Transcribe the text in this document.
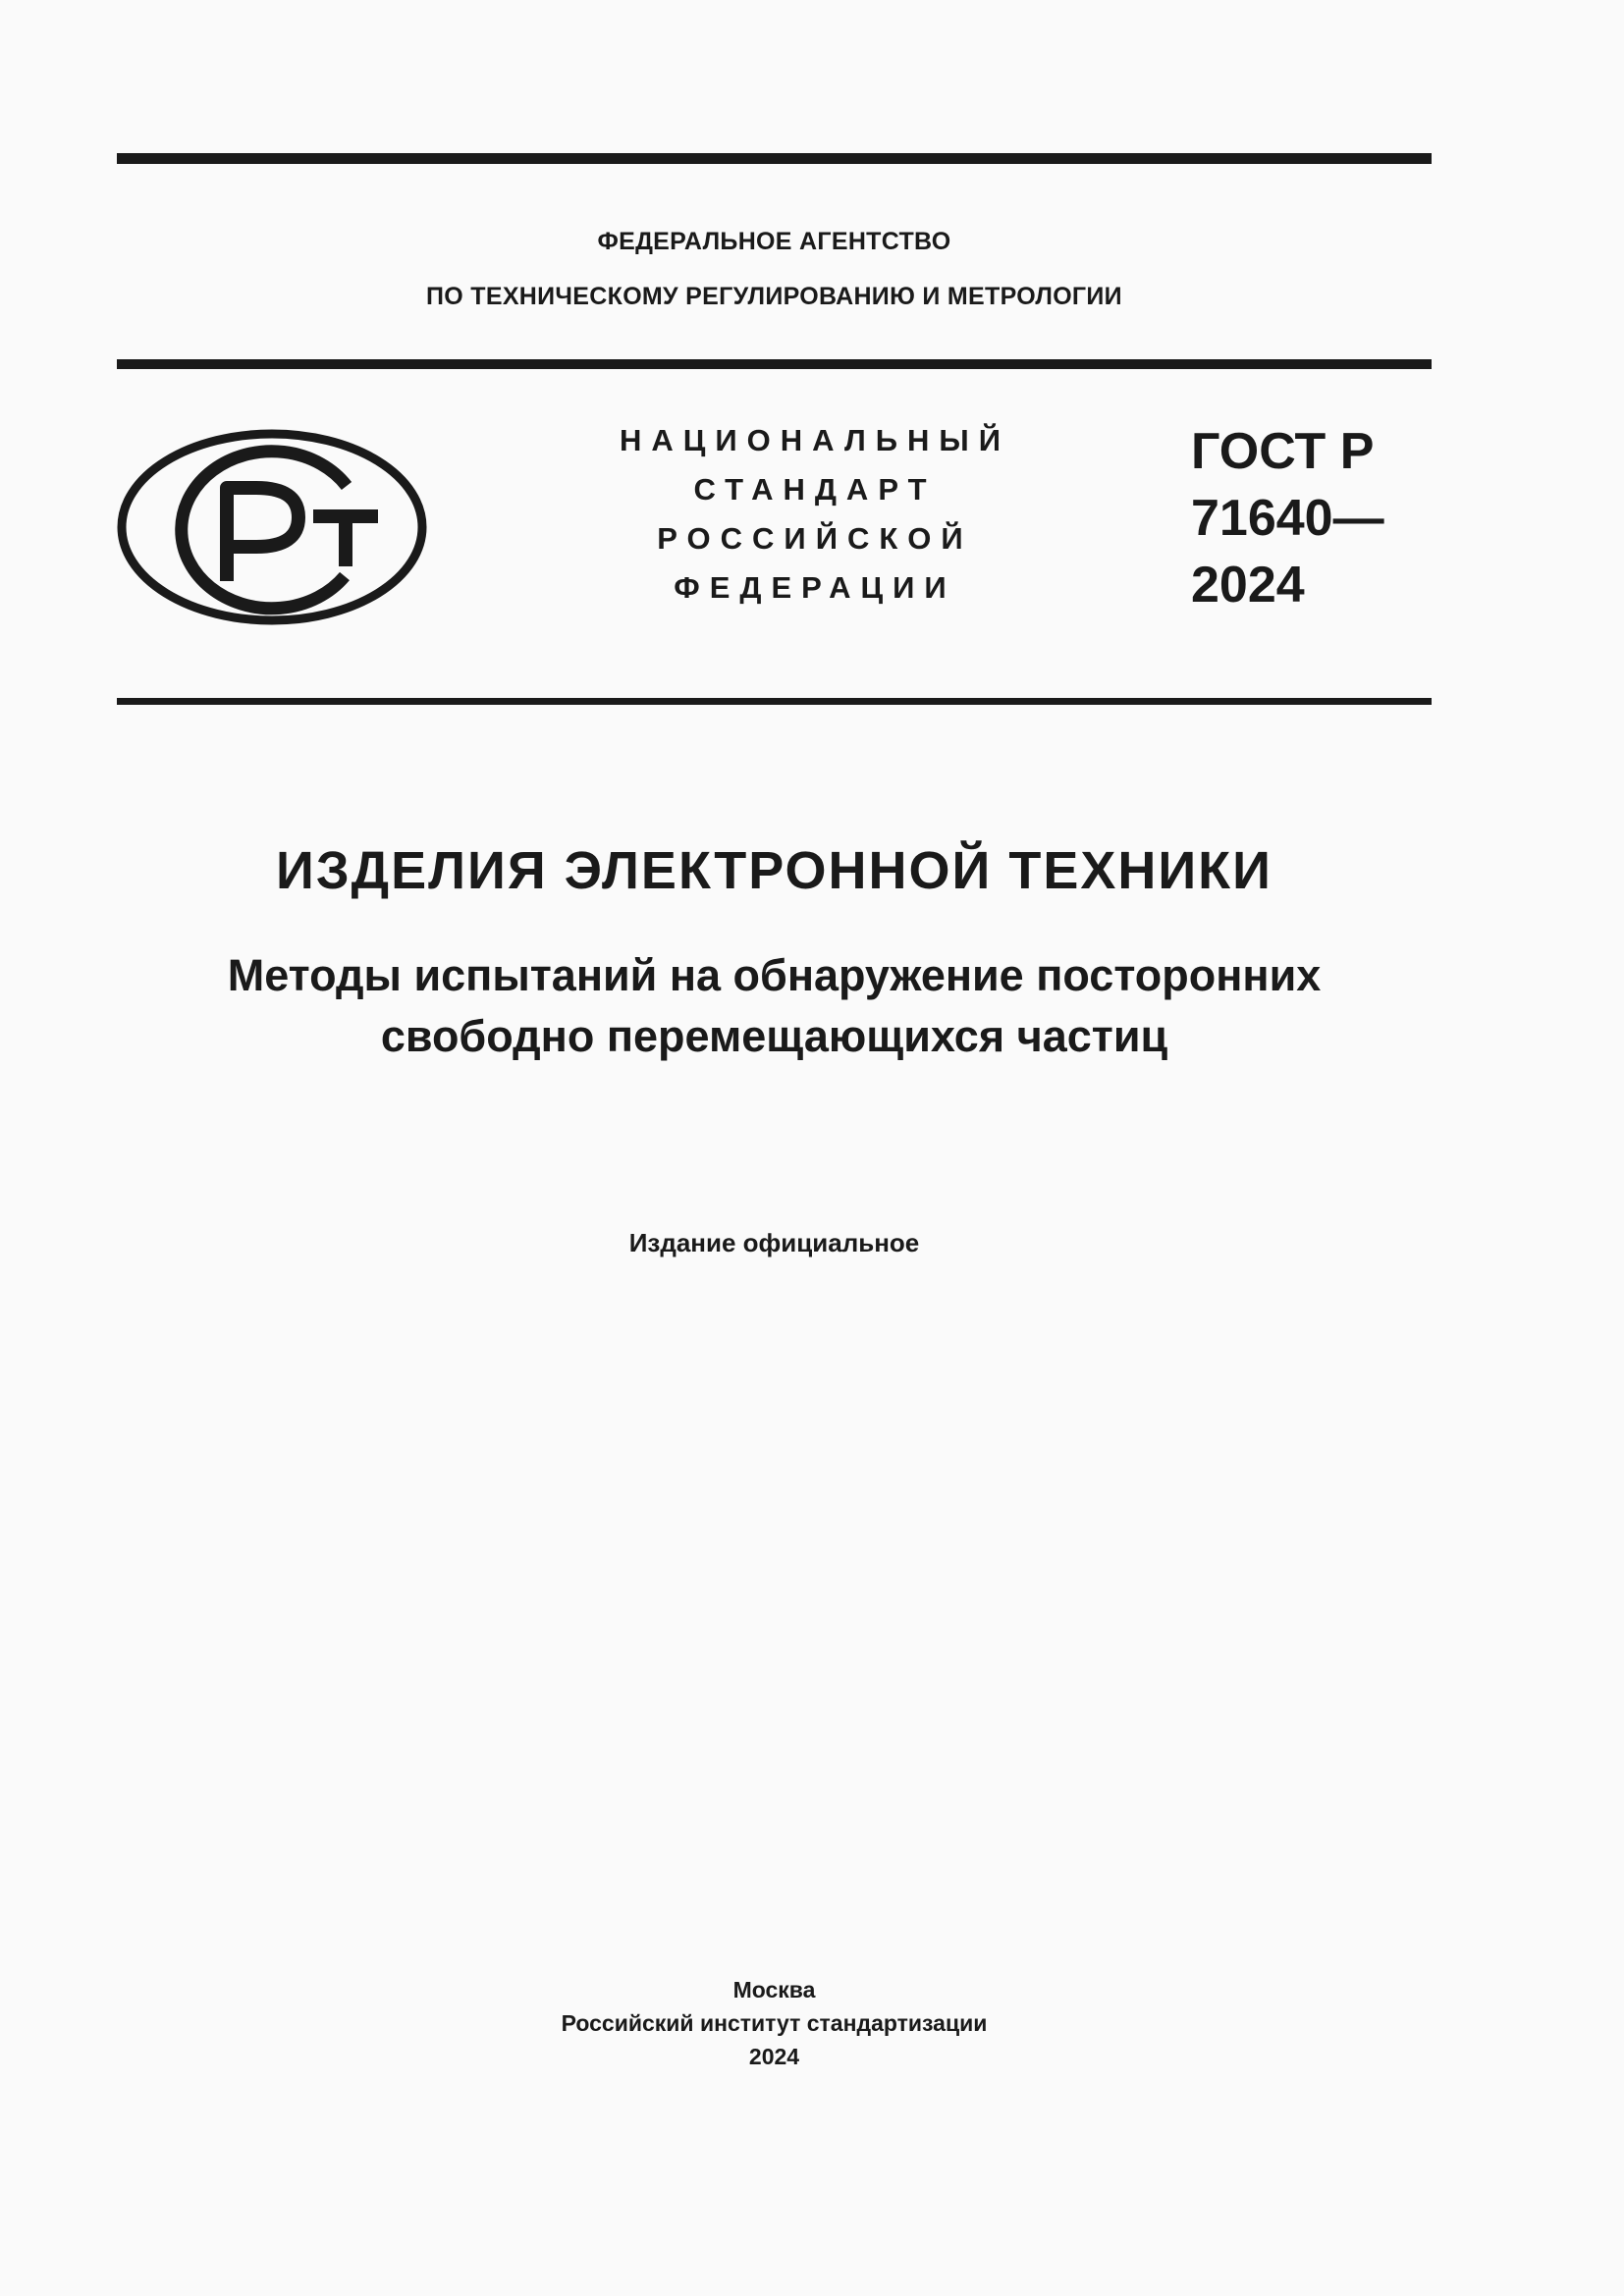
ФЕДЕРАЛЬНОЕ АГЕНТСТВО
ПО ТЕХНИЧЕСКОМУ РЕГУЛИРОВАНИЮ И МЕТРОЛОГИИ
НАЦИОНАЛЬНЫЙ
СТАНДАРТ
РОССИЙСКОЙ
ФЕДЕРАЦИИ
ГОСТ Р
71640—
2024
ИЗДЕЛИЯ ЭЛЕКТРОННОЙ ТЕХНИКИ
Методы испытаний на обнаружение посторонних
свободно перемещающихся частиц
Издание официальное
Москва
Российский институт стандартизации
2024
